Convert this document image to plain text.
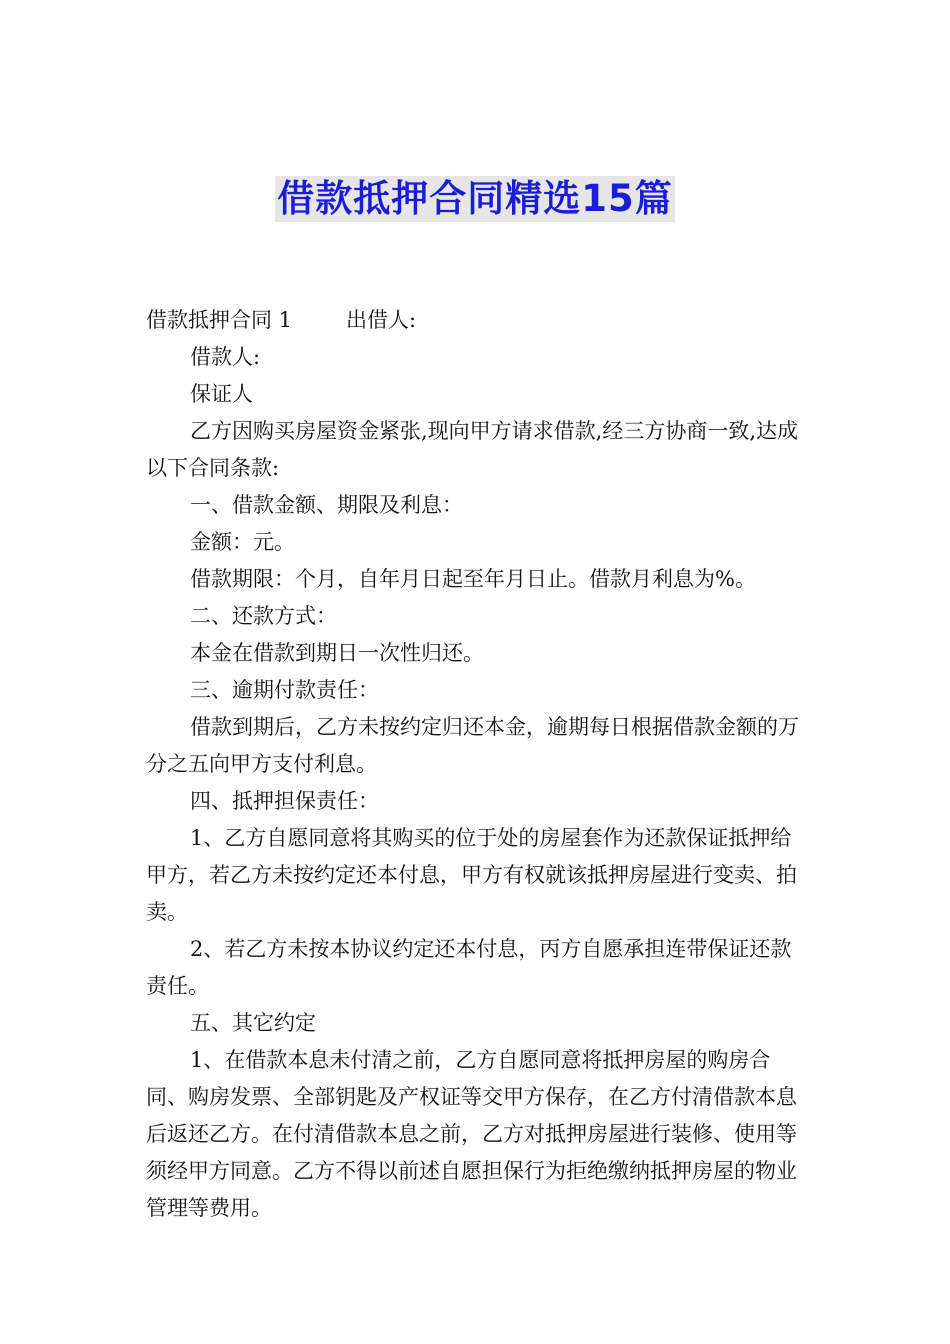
借款抵押合同精选15篇

借款抵押合同 1	出借人:

借款人:

保证人

乙方因购买房屋资金紧张,现向甲方请求借款,经三方协商一致,达成以下合同条款:

一、借款金额、期限及利息：

金额：元。

借款期限：个月，自年月日起至年月日止。借款月利息为%。

二、还款方式：

本金在借款到期日一次性归还。

三、逾期付款责任：

借款到期后，乙方未按约定归还本金，逾期每日根据借款金额的万分之五向甲方支付利息。

四、抵押担保责任：

1、乙方自愿同意将其购买的位于处的房屋套作为还款保证抵押给甲方，若乙方未按约定还本付息，甲方有权就该抵押房屋进行变卖、拍卖。

2、若乙方未按本协议约定还本付息，丙方自愿承担连带保证还款责任。

五、其它约定

1、在借款本息未付清之前，乙方自愿同意将抵押房屋的购房合同、购房发票、全部钥匙及产权证等交甲方保存，在乙方付清借款本息后返还乙方。在付清借款本息之前，乙方对抵押房屋进行装修、使用等须经甲方同意。乙方不得以前述自愿担保行为拒绝缴纳抵押房屋的物业管理等费用。
